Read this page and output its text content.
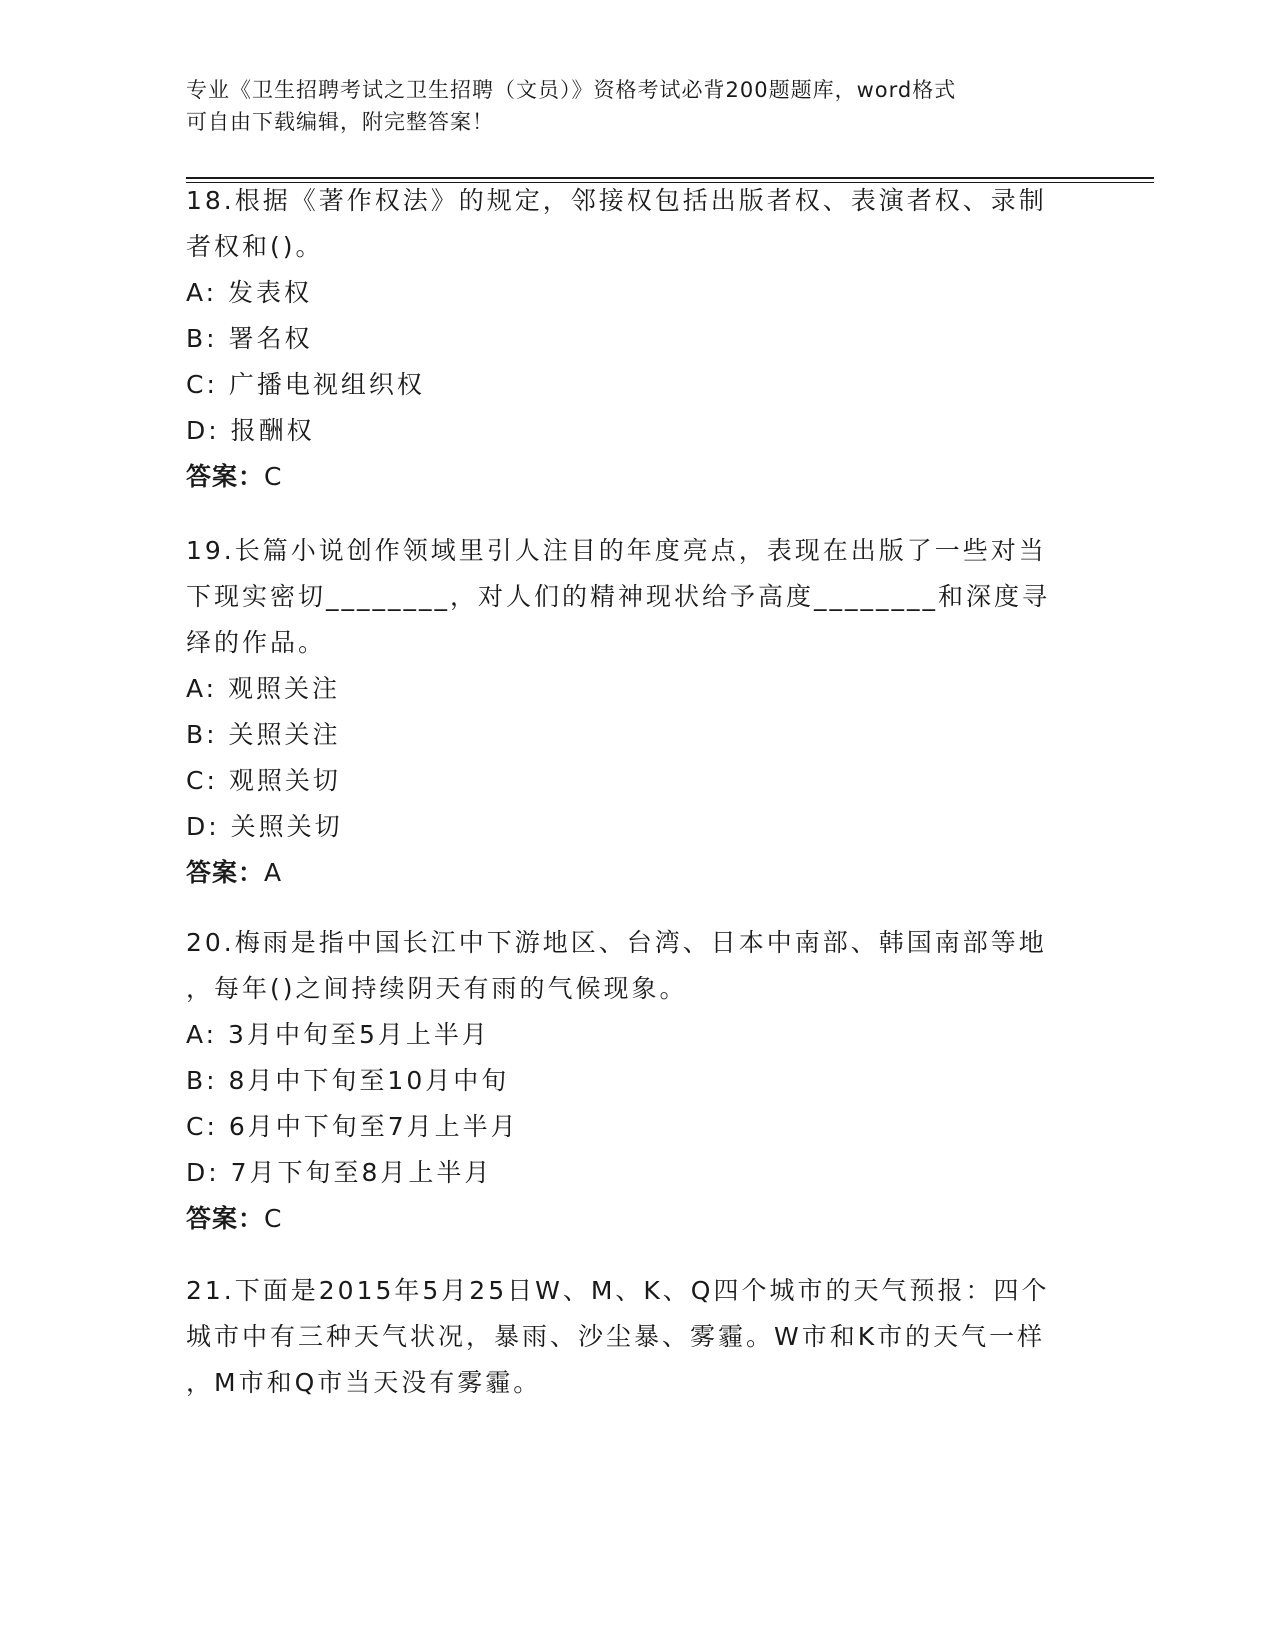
专业《卫生招聘考试之卫生招聘（文员）》资格考试必背200题题库，word格式
可自由下载编辑，附完整答案！

18.根据《著作权法》的规定，邻接权包括出版者权、表演者权、录制

者权和()。

A: 发表权

B: 署名权

C: 广播电视组织权

D: 报酬权

答案：C

19.长篇小说创作领域里引人注目的年度亮点，表现在出版了一些对当

下现实密切________，对人们的精神现状给予高度________和深度寻

绎的作品。

A: 观照关注

B: 关照关注

C: 观照关切

D: 关照关切

答案：A

20.梅雨是指中国长江中下游地区、台湾、日本中南部、韩国南部等地

，每年()之间持续阴天有雨的气候现象。

A: 3月中旬至5月上半月

B: 8月中下旬至10月中旬

C: 6月中下旬至7月上半月

D: 7月下旬至8月上半月

答案：C

21.下面是2015年5月25日W、M、K、Q四个城市的天气预报：四个

城市中有三种天气状况，暴雨、沙尘暴、雾霾。W市和K市的天气一样

，M市和Q市当天没有雾霾。
